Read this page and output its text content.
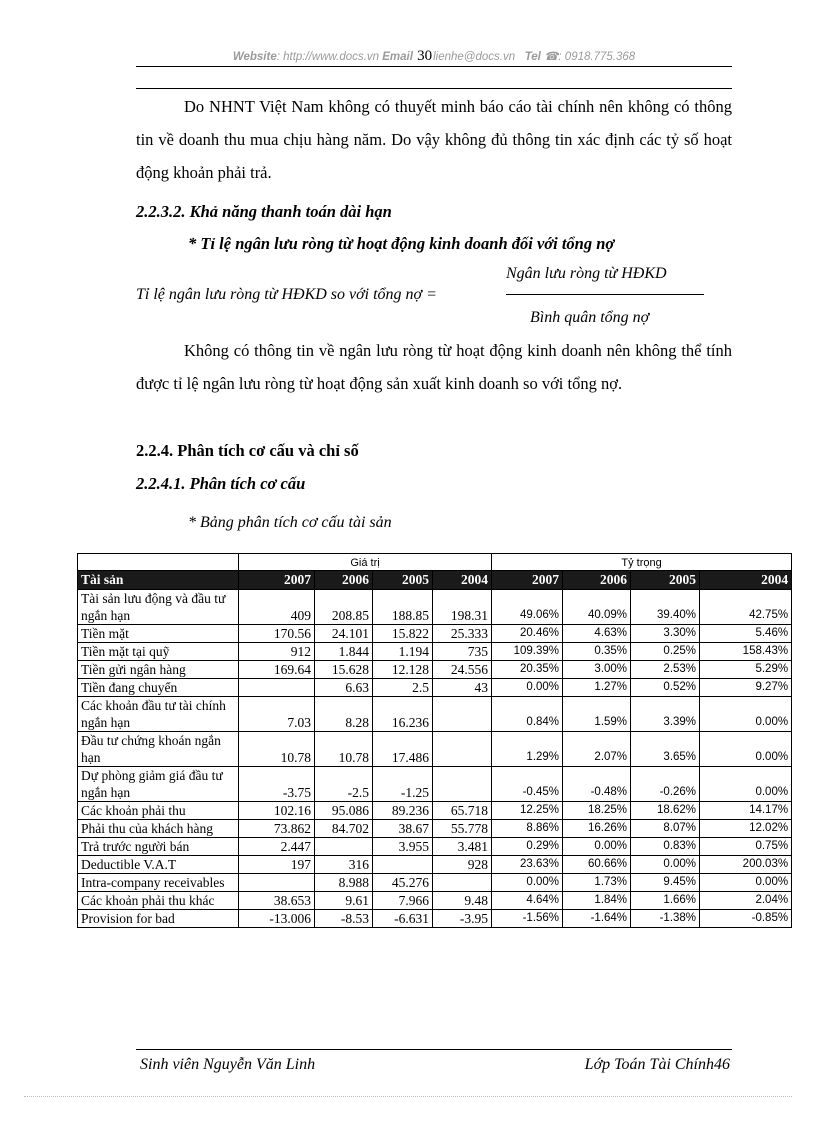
Website: http://www.docs.vn Email 30lienhe@docs.vn Tel ☎: 0918.775.368
Do NHNT Việt Nam không có thuyết minh báo cáo tài chính nên không có thông tin về doanh thu mua chịu hàng năm. Do vậy không đủ thông tin xác định các tỷ số hoạt động khoản phải trả.
2.2.3.2. Khả năng thanh toán dài hạn
* Tỉ lệ ngân lưu ròng từ hoạt động kinh doanh đối với tổng nợ
Tỉ lệ ngân lưu ròng từ HĐKD so với tổng nợ =
Ngân lưu ròng từ HĐKD
Bình quân tổng nợ
Không có thông tin về ngân lưu ròng từ hoạt động kinh doanh nên không thể tính được tỉ lệ ngân lưu ròng từ hoạt động sản xuất kinh doanh so với tổng nợ.
2.2.4. Phân tích cơ cấu và chỉ số
2.2.4.1. Phân tích cơ cấu
* Bảng phân tích cơ cấu tài sản
	Giá trị				Tỷ trọng			
Tài sản	2007	2006	2005	2004	2007	2006	2005	2004
Tài sản lưu động và đầu tư ngắn hạn	409	208.85	188.85	198.31	49.06%	40.09%	39.40%	42.75%
Tiền mặt	170.56	24.101	15.822	25.333	20.46%	4.63%	3.30%	5.46%
Tiền mặt tại quỹ	912	1.844	1.194	735	109.39%	0.35%	0.25%	158.43%
Tiền gửi ngân hàng	169.64	15.628	12.128	24.556	20.35%	3.00%	2.53%	5.29%
Tiền đang chuyển		6.63	2.5	43	0.00%	1.27%	0.52%	9.27%
Các khoản đầu tư tài chính ngắn hạn	7.03	8.28	16.236		0.84%	1.59%	3.39%	0.00%
Đầu tư chứng khoán ngắn hạn	10.78	10.78	17.486		1.29%	2.07%	3.65%	0.00%
Dự phòng giảm giá đầu tư ngắn hạn	-3.75	-2.5	-1.25		-0.45%	-0.48%	-0.26%	0.00%
Các khoản phải thu	102.16	95.086	89.236	65.718	12.25%	18.25%	18.62%	14.17%
Phải thu của khách hàng	73.862	84.702	38.67	55.778	8.86%	16.26%	8.07%	12.02%
Trả trước người bán	2.447		3.955	3.481	0.29%	0.00%	0.83%	0.75%
Deductible V.A.T	197	316		928	23.63%	60.66%	0.00%	200.03%
Intra-company receivables		8.988	45.276		0.00%	1.73%	9.45%	0.00%
Các khoản phải thu khác	38.653	9.61	7.966	9.48	4.64%	1.84%	1.66%	2.04%
Provision for bad	-13.006	-8.53	-6.631	-3.95	-1.56%	-1.64%	-1.38%	-0.85%
Sinh viên Nguyễn Văn Linh	Lớp Toán Tài Chính46
